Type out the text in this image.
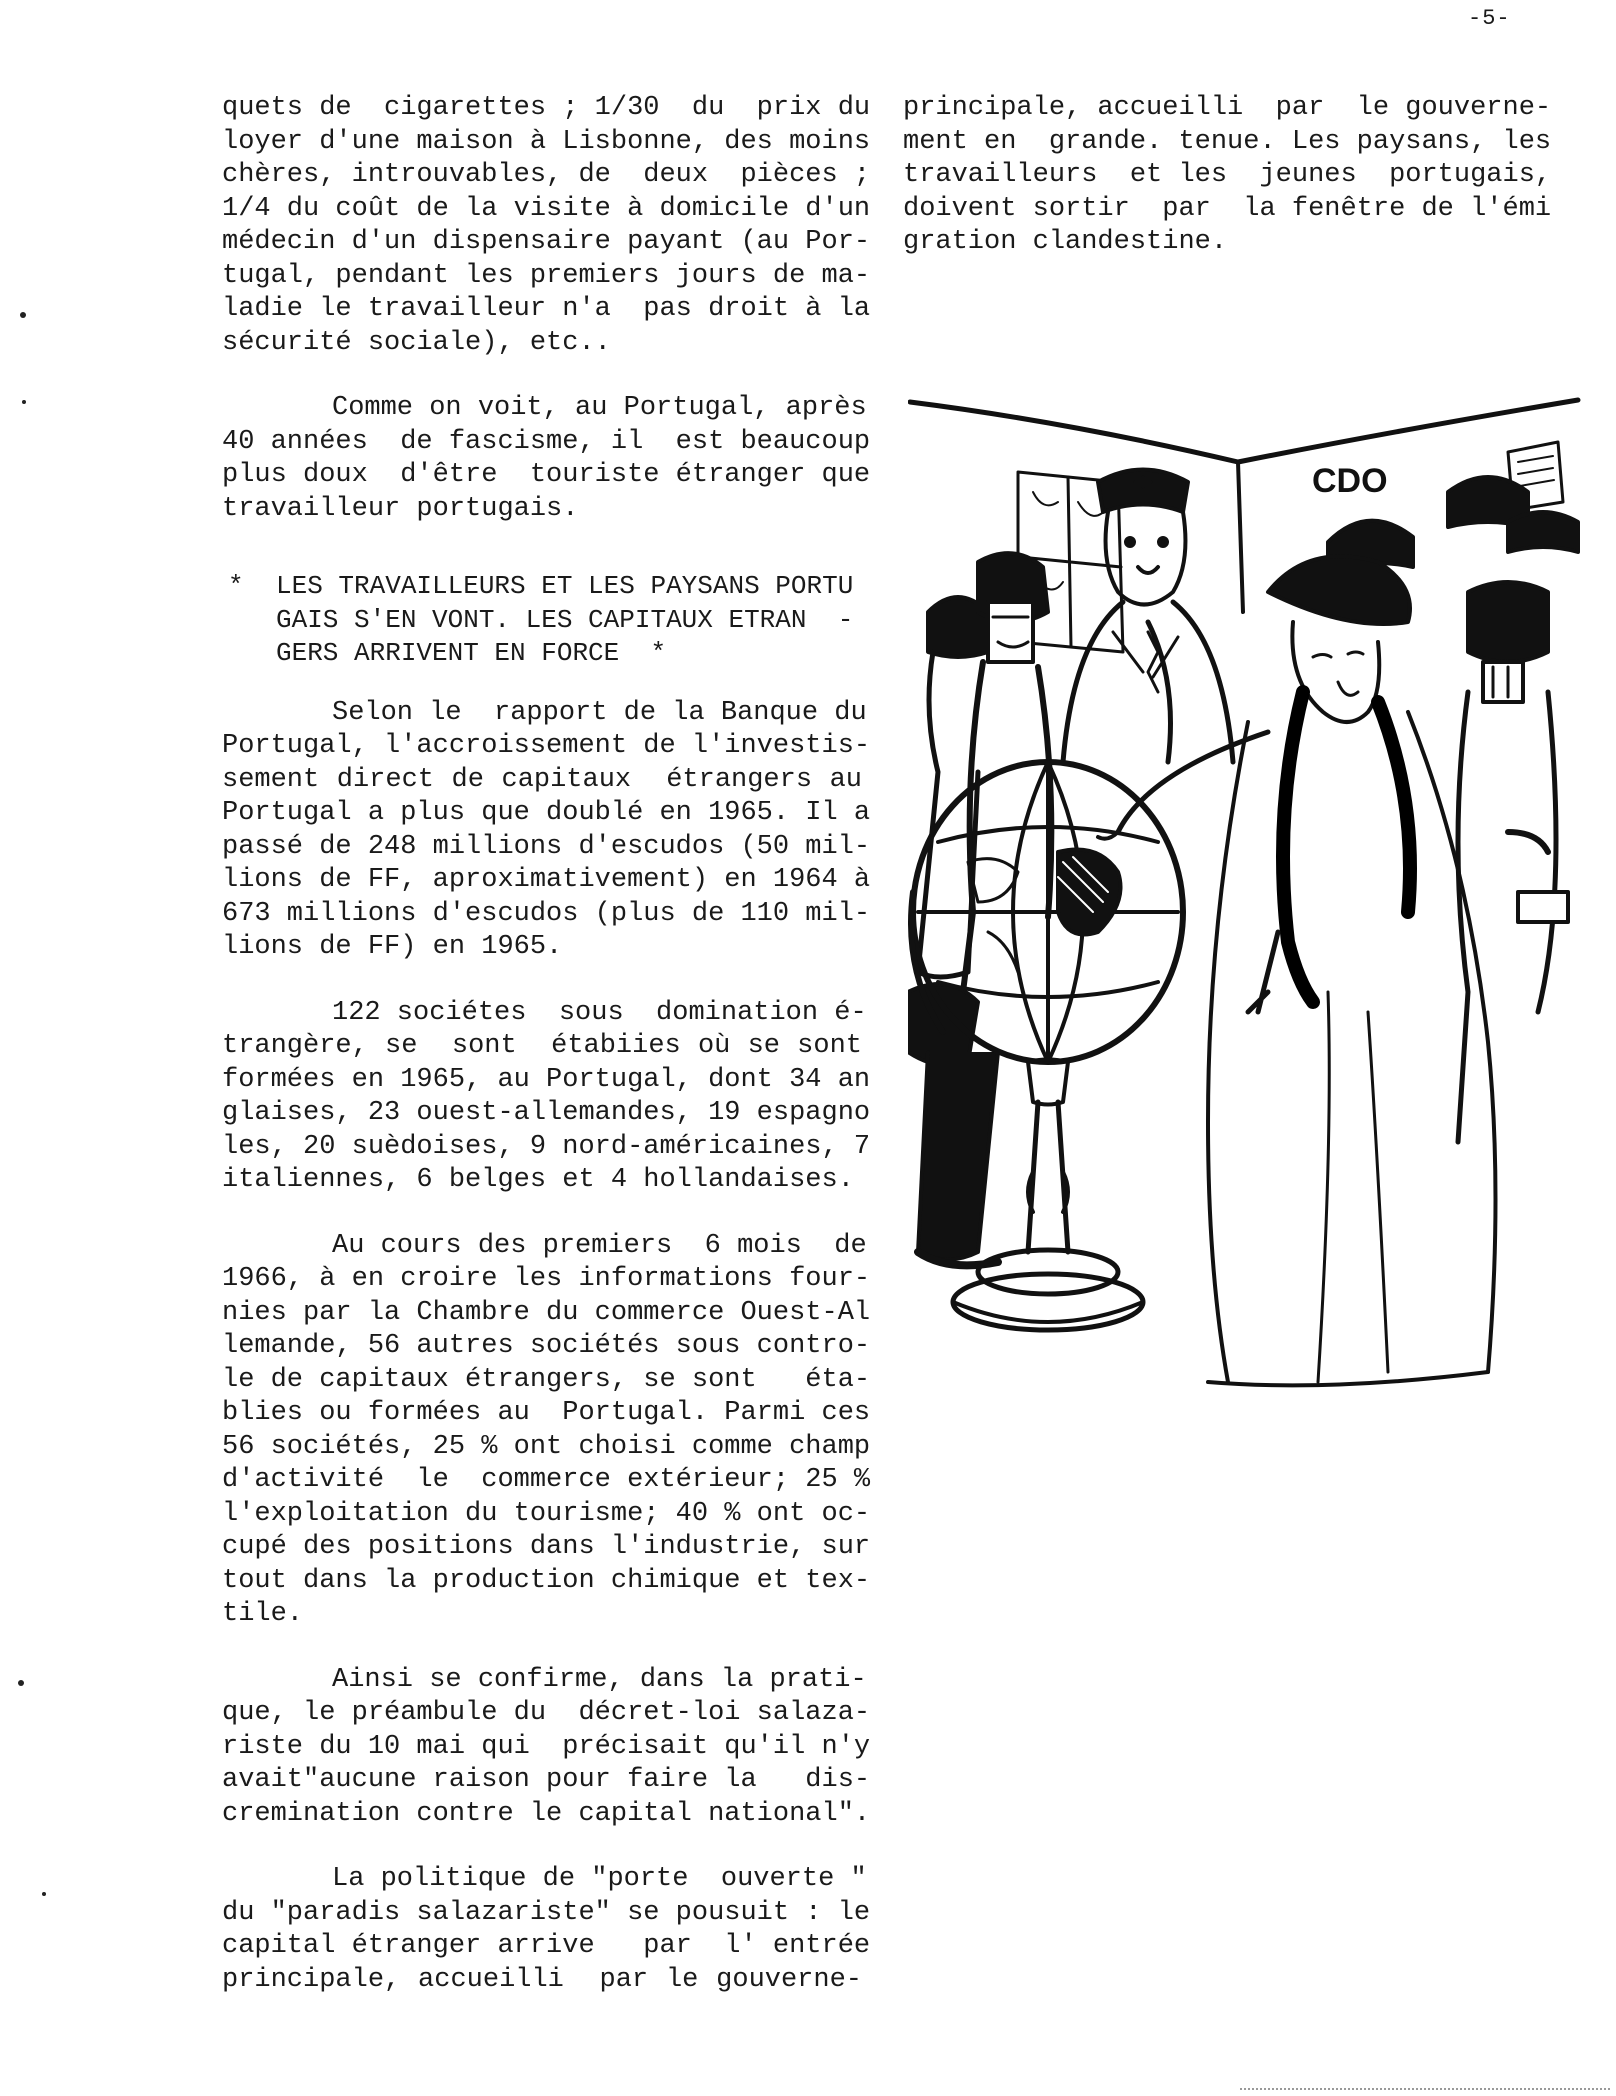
-5-
quets de  cigarettes ; 1/30  du  prix du
loyer d'une maison à Lisbonne, des moins
chères, introuvables, de  deux  pièces ;
1/4 du coût de la visite à domicile d'un
médecin d'un dispensaire payant (au Por-
tugal, pendant les premiers jours de ma-
ladie le travailleur n'a  pas droit à la
sécurité sociale), etc..
Comme on voit, au Portugal, après
40 années  de fascisme, il  est beaucoup
plus doux  d'être  touriste étranger que
travailleur portugais.
* LES TRAVAILLEURS ET LES PAYSANS PORTU
GAIS S'EN VONT. LES CAPITAUX ETRAN  -
GERS ARRIVENT EN FORCE  *
Selon le  rapport de la Banque du
Portugal, l'accroissement de l'investis-
sement direct de capitaux  étrangers au
Portugal a plus que doublé en 1965. Il a
passé de 248 millions d'escudos (50 mil-
lions de FF, aproximativement) en 1964 à
673 millions d'escudos (plus de 110 mil-
lions de FF) en 1965.
122 sociétes  sous  domination é-
trangère, se  sont  étabiies où se sont
formées en 1965, au Portugal, dont 34 an
glaises, 23 ouest-allemandes, 19 espagno
les, 20 suèdoises, 9 nord-américaines, 7
italiennes, 6 belges et 4 hollandaises.
Au cours des premiers  6 mois  de
1966, à en croire les informations four-
nies par la Chambre du commerce Ouest-Al
lemande, 56 autres sociétés sous contro-
le de capitaux étrangers, se sont   éta-
blies ou formées au  Portugal. Parmi ces
56 sociétés, 25 % ont choisi comme champ
d'activité  le  commerce extérieur; 25 %
l'exploitation du tourisme; 40 % ont oc-
cupé des positions dans l'industrie, sur
tout dans la production chimique et tex-
tile.
Ainsi se confirme, dans la prati-
que, le préambule du  décret-loi salaza-
riste du 10 mai qui  précisait qu'il n'y
avait"aucune raison pour faire la   dis-
cremination contre le capital national".
La politique de "porte  ouverte "
du "paradis salazariste" se pousuit : le
capital étranger arrive   par  l' entrée
principale, accueilli  par le gouverne-
principale, accueilli  par  le gouverne-
ment en  grande. tenue. Les paysans, les
travailleurs  et les  jeunes  portugais,
doivent sortir  par  la fenêtre de l'émi
gration clandestine.
CDO
